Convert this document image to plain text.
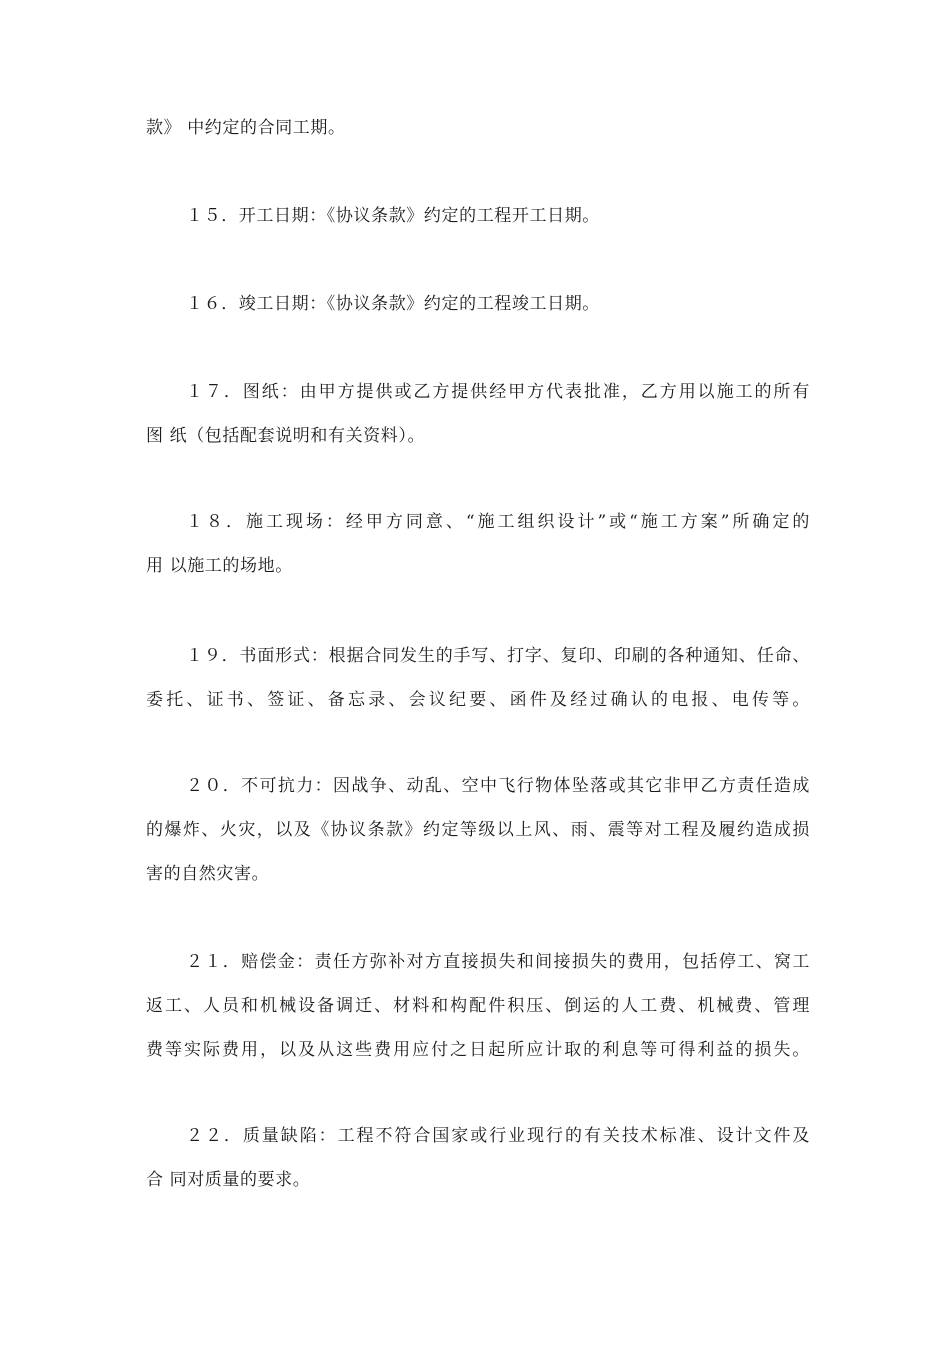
款》 中约定的合同工期。

１５．开工日期：《协议条款》约定的工程开工日期。

１６．竣工日期：《协议条款》约定的工程竣工日期。

１７．图纸：由甲方提供或乙方提供经甲方代表批准，乙方用以施工的所有
图 纸（包括配套说明和有关资料）。

１８．施工现场：经甲方同意、“施工组织设计”或“施工方案”所确定的
用 以施工的场地。

１９．书面形式：根据合同发生的手写、打字、复印、印刷的各种通知、任命、
委托、证书、签证、备忘录、会议纪要、函件及经过确认的电报、电传等。

２０．不可抗力：因战争、动乱、空中飞行物体坠落或其它非甲乙方责任造成
的爆炸、火灾，以及《协议条款》约定等级以上风、雨、震等对工程及履约造成损
害的自然灾害。

２１．赔偿金：责任方弥补对方直接损失和间接损失的费用，包括停工、窝工
返工、人员和机械设备调迁、材料和构配件积压、倒运的人工费、机械费、管理
费等实际费用，以及从这些费用应付之日起所应计取的利息等可得利益的损失。

２２．质量缺陷：工程不符合国家或行业现行的有关技术标准、设计文件及
合 同对质量的要求。
